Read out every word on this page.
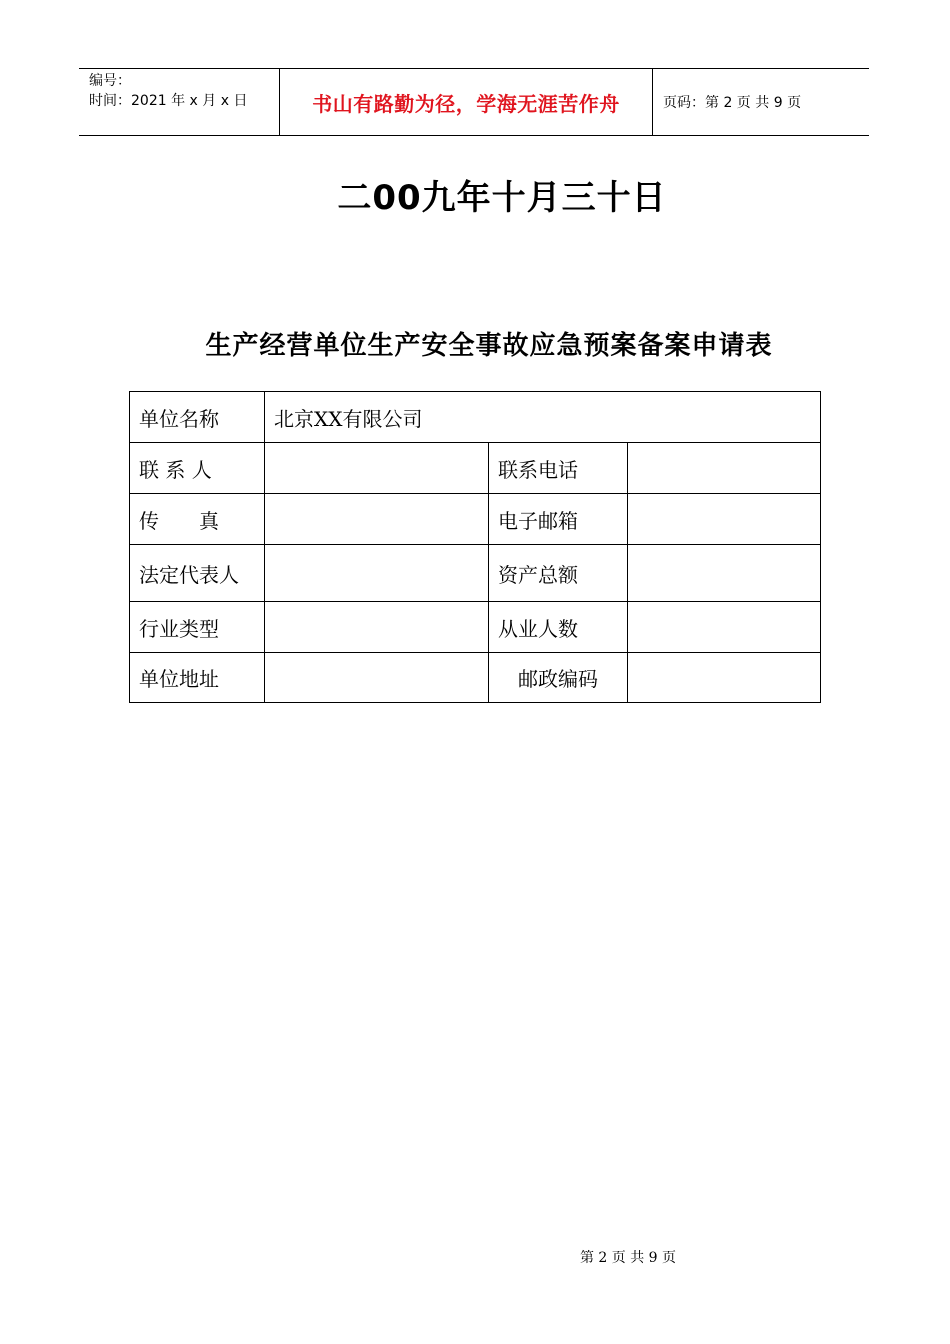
编号：
时间：2021 年 x 月 x 日	书山有路勤为径，学海无涯苦作舟	页码：第 2 页 共 9 页
二00九年十月三十日
生产经营单位生产安全事故应急预案备案申请表
单位名称	北京XX有限公司		
联 系 人		联系电话	
传　　真		电子邮箱	
法定代表人		资产总额	
行业类型		从业人数	
单位地址		　邮政编码	
第 2 页 共 9 页
